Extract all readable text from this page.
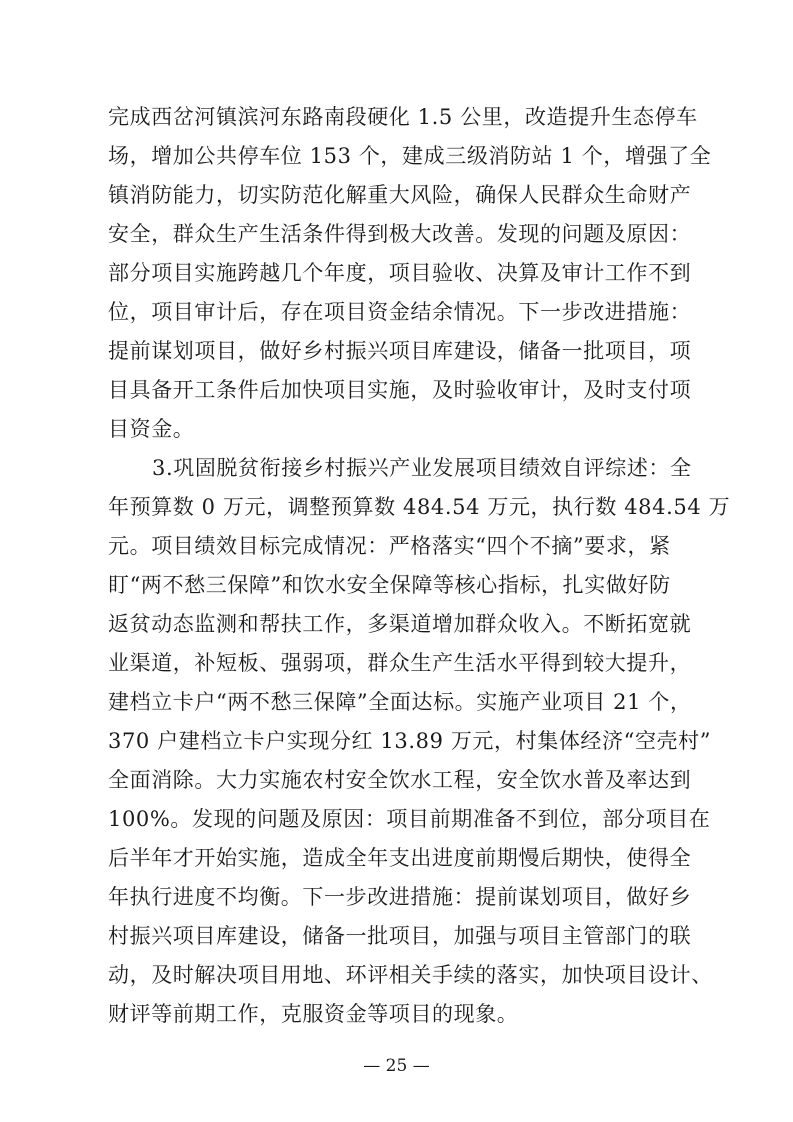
完成西岔河镇滨河东路南段硬化 1.5 公里，改造提升生态停车
场，增加公共停车位 153 个，建成三级消防站 1 个，增强了全
镇消防能力，切实防范化解重大风险，确保人民群众生命财产
安全，群众生产生活条件得到极大改善。发现的问题及原因：
部分项目实施跨越几个年度，项目验收、决算及审计工作不到
位，项目审计后，存在项目资金结余情况。下一步改进措施：
提前谋划项目，做好乡村振兴项目库建设，储备一批项目，项
目具备开工条件后加快项目实施，及时验收审计，及时支付项
目资金。
3.巩固脱贫衔接乡村振兴产业发展项目绩效自评综述：全
年预算数 0 万元，调整预算数 484.54 万元，执行数 484.54 万
元。项目绩效目标完成情况：严格落实“四个不摘”要求，紧
盯“两不愁三保障”和饮水安全保障等核心指标，扎实做好防
返贫动态监测和帮扶工作，多渠道增加群众收入。不断拓宽就
业渠道，补短板、强弱项，群众生产生活水平得到较大提升，
建档立卡户“两不愁三保障”全面达标。实施产业项目 21 个，
370 户建档立卡户实现分红 13.89 万元，村集体经济“空壳村”
全面消除。大力实施农村安全饮水工程，安全饮水普及率达到
100%。发现的问题及原因：项目前期准备不到位，部分项目在
后半年才开始实施，造成全年支出进度前期慢后期快，使得全
年执行进度不均衡。下一步改进措施：提前谋划项目，做好乡
村振兴项目库建设，储备一批项目，加强与项目主管部门的联
动，及时解决项目用地、环评相关手续的落实，加快项目设计、
财评等前期工作，克服资金等项目的现象。
— 25 —
